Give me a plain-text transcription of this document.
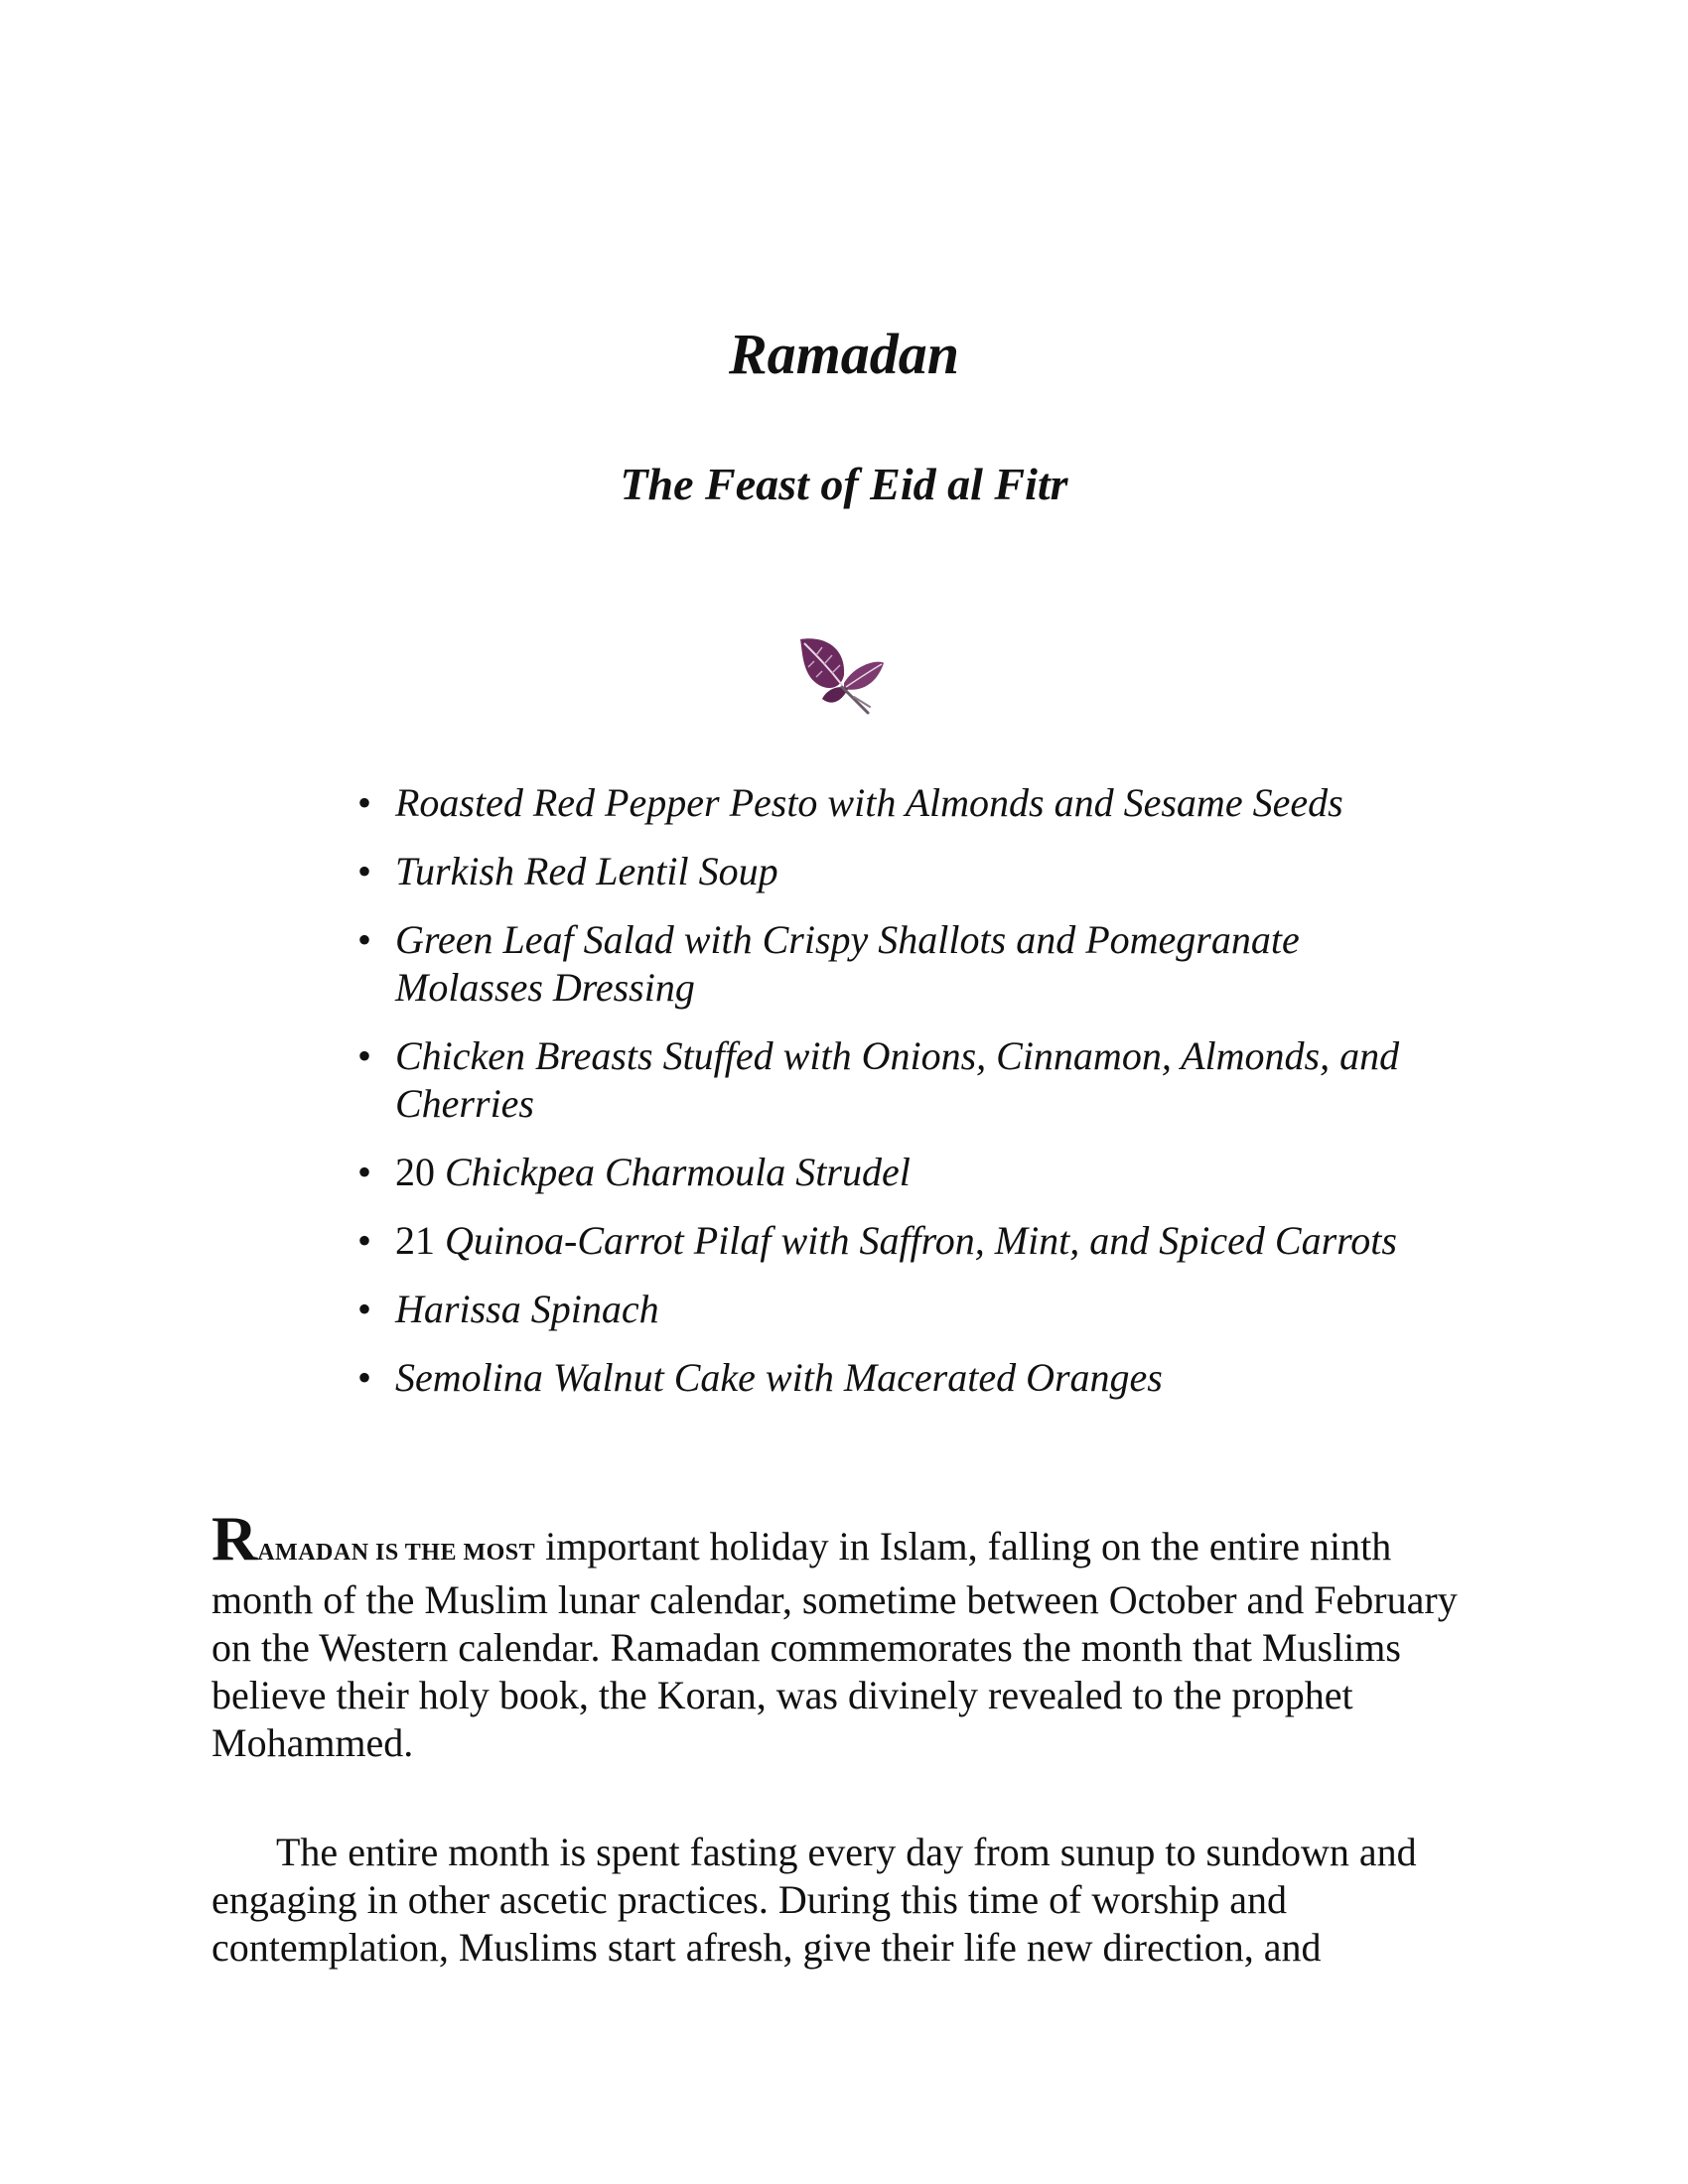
Ramadan
The Feast of Eid al Fitr
• Roasted Red Pepper Pesto with Almonds and Sesame Seeds
• Turkish Red Lentil Soup
• Green Leaf Salad with Crispy Shallots and Pomegranate Molasses Dressing
• Chicken Breasts Stuffed with Onions, Cinnamon, Almonds, and Cherries
• 20 Chickpea Charmoula Strudel
• 21 Quinoa-Carrot Pilaf with Saffron, Mint, and Spiced Carrots
• Harissa Spinach
• Semolina Walnut Cake with Macerated Oranges

RAMADAN IS THE MOST important holiday in Islam, falling on the entire ninth month of the Muslim lunar calendar, sometime between October and February on the Western calendar. Ramadan commemorates the month that Muslims believe their holy book, the Koran, was divinely revealed to the prophet Mohammed.

The entire month is spent fasting every day from sunup to sundown and engaging in other ascetic practices. During this time of worship and contemplation, Muslims start afresh, give their life new direction, and
